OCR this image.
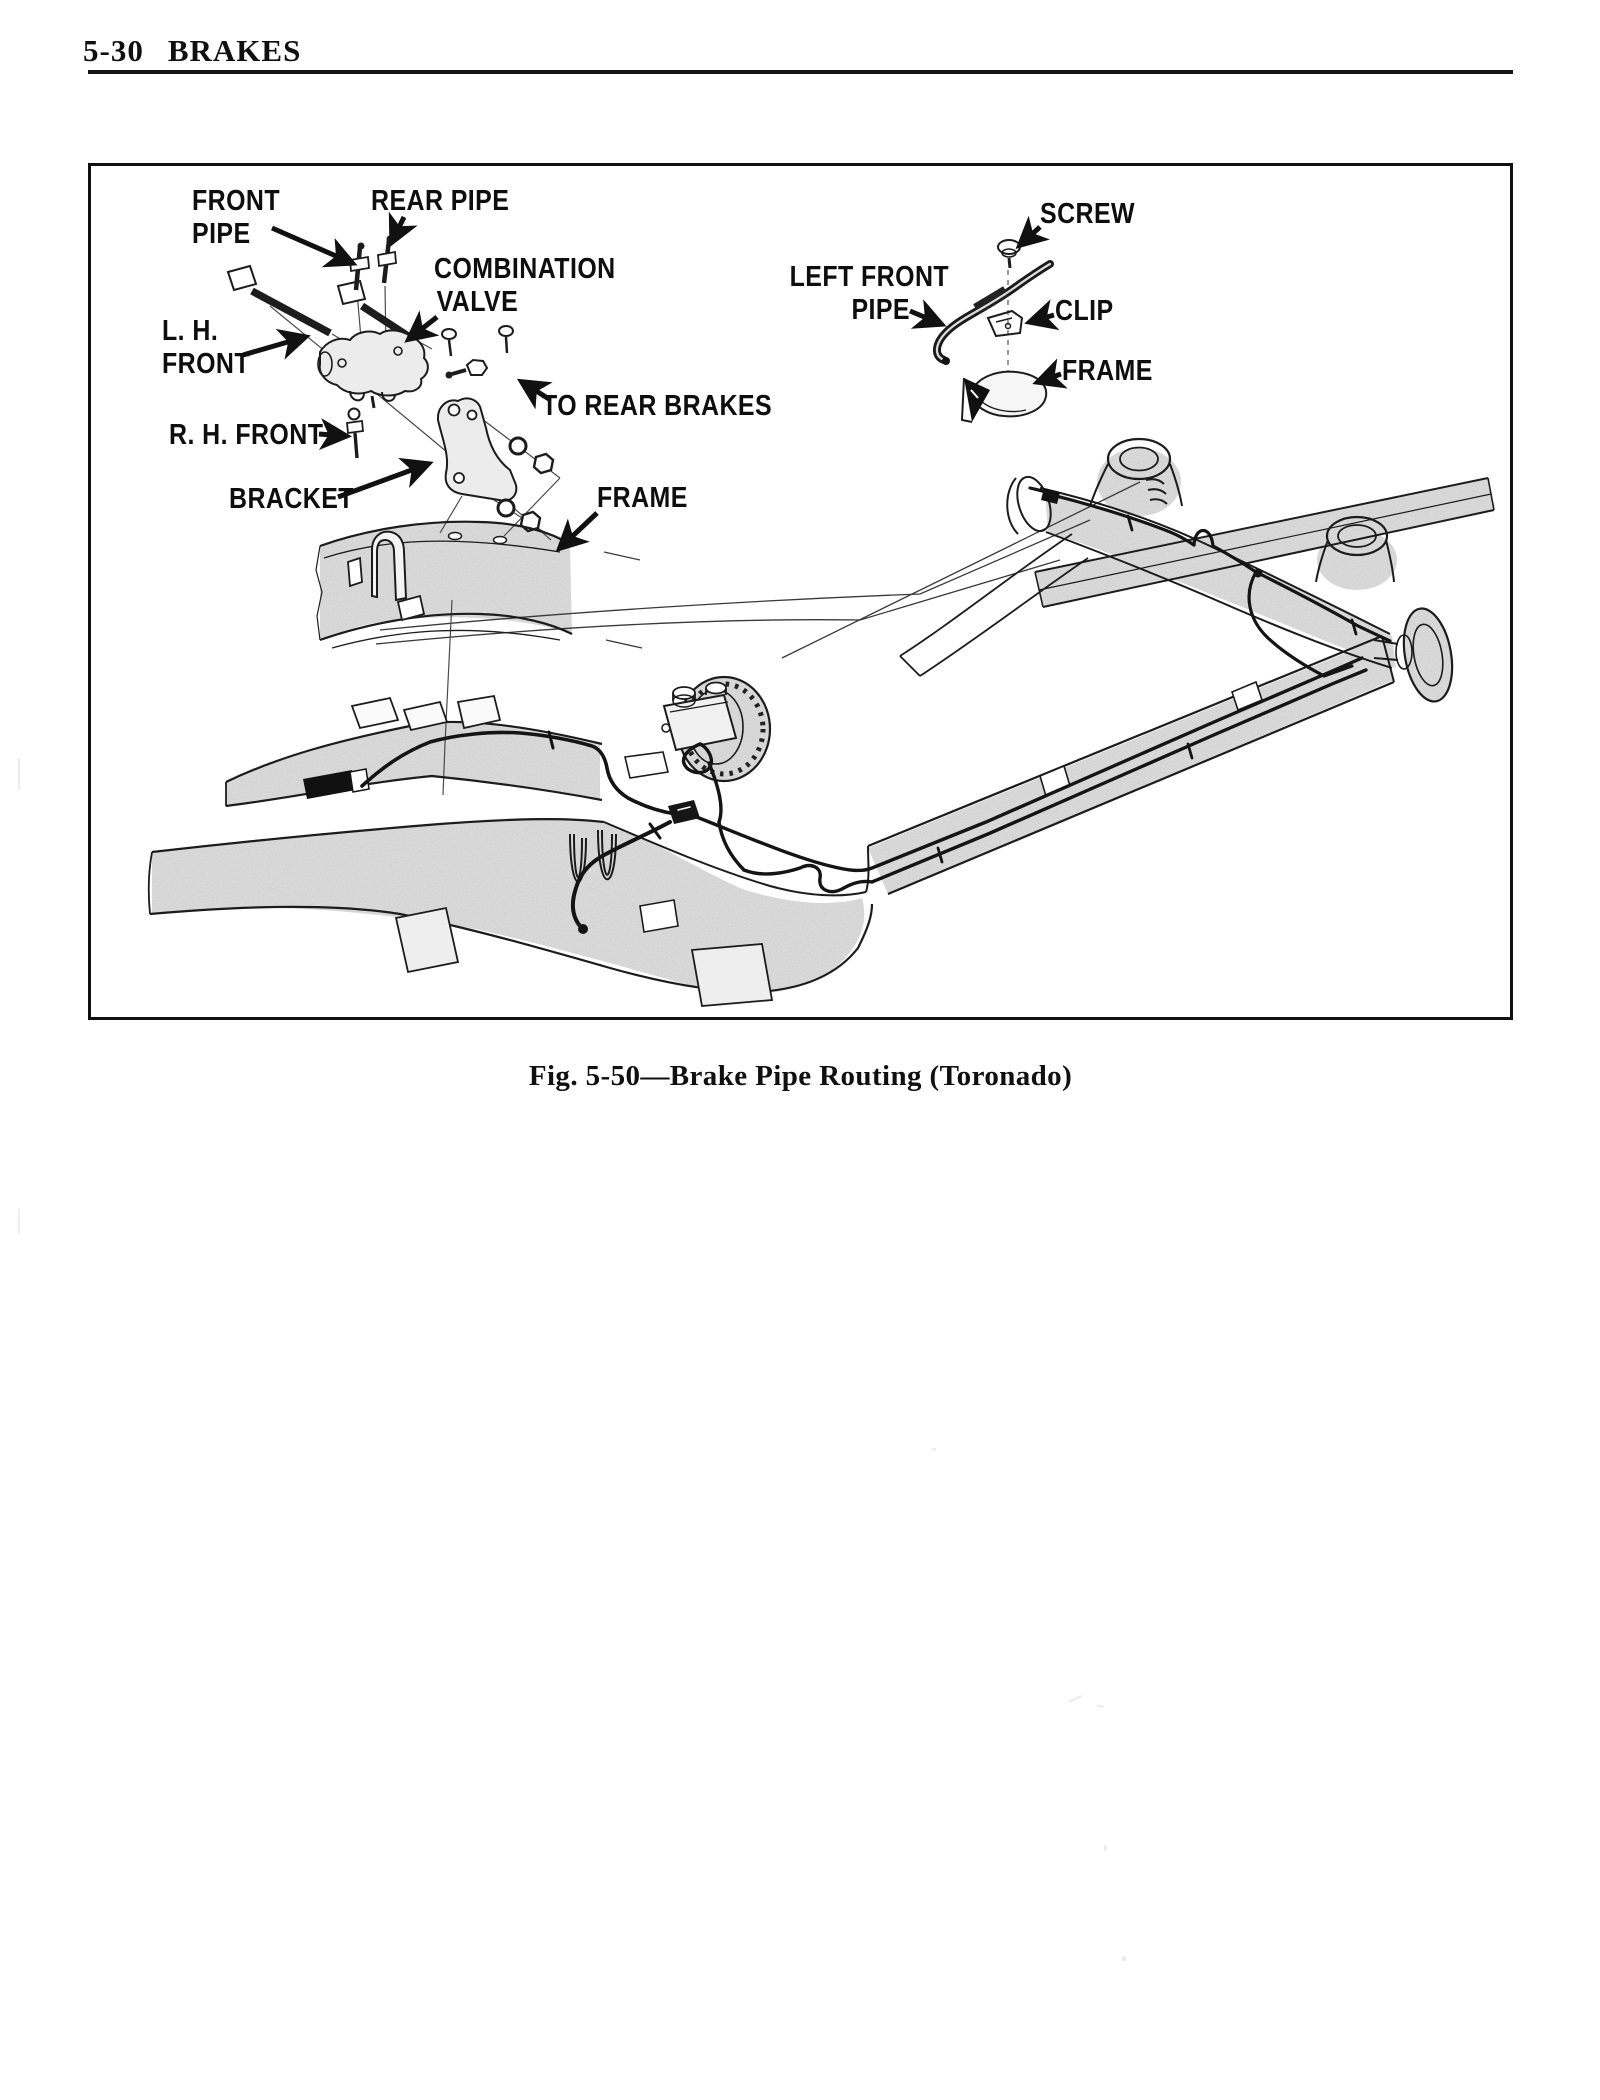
5-30 BRAKES
FRONT
PIPE
REAR PIPE
COMBINATION
VALVE
L. H.
FRONT
R. H. FRONT
TO REAR BRAKES
BRACKET	FRAME
SCREW
LEFT FRONT
PIPE	CLIP
FRAME
Fig. 5-50—Brake Pipe Routing (Toronado)
